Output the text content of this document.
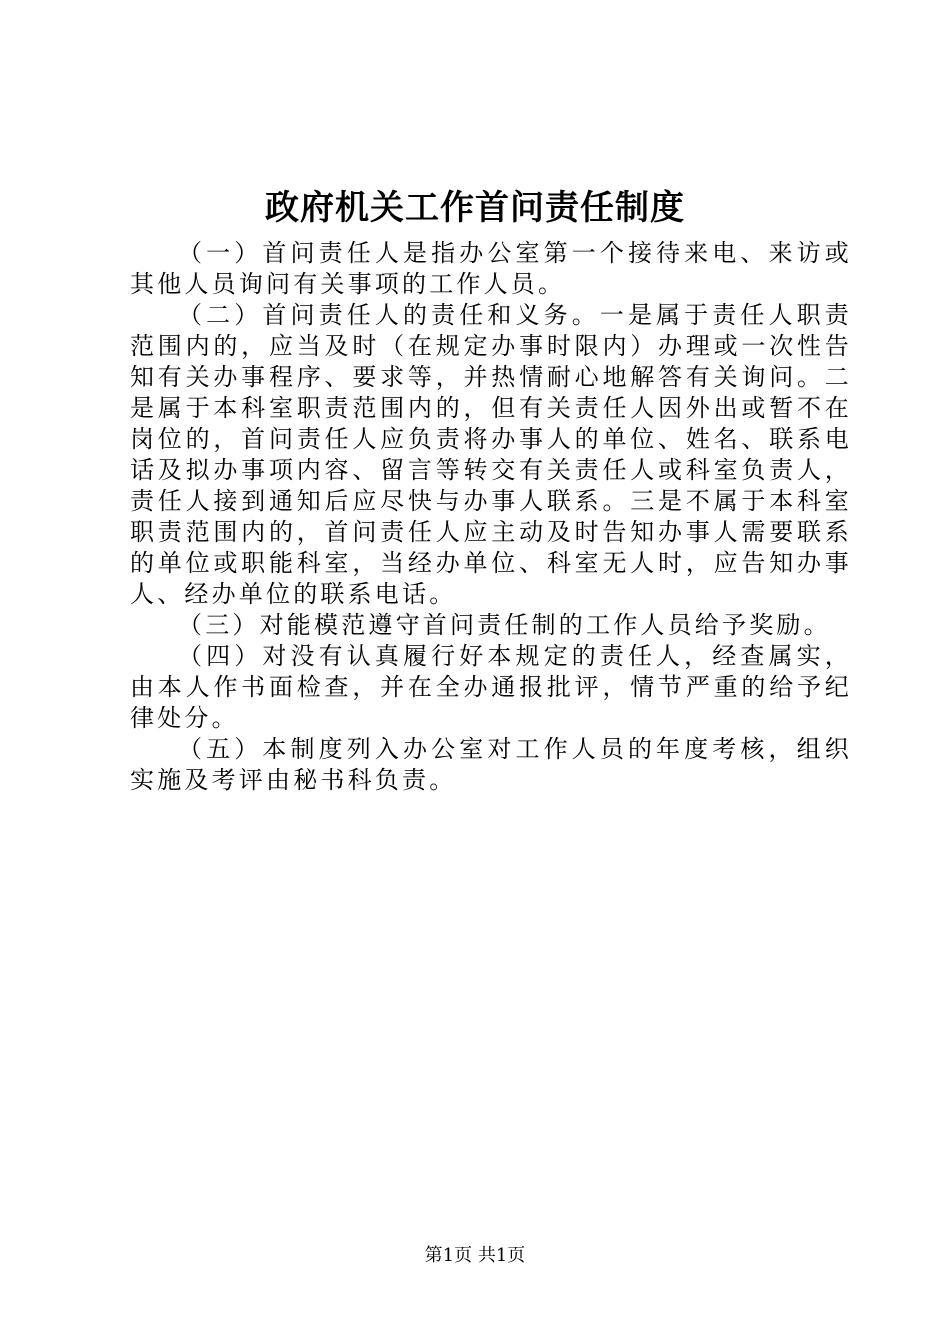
政府机关工作首问责任制度

（一）首问责任人是指办公室第一个接待来电、来访或其他人员询问有关事项的工作人员。

（二）首问责任人的责任和义务。一是属于责任人职责范围内的，应当及时（在规定办事时限内）办理或一次性告知有关办事程序、要求等，并热情耐心地解答有关询问。二是属于本科室职责范围内的，但有关责任人因外出或暂不在岗位的，首问责任人应负责将办事人的单位、姓名、联系电话及拟办事项内容、留言等转交有关责任人或科室负责人，责任人接到通知后应尽快与办事人联系。三是不属于本科室职责范围内的，首问责任人应主动及时告知办事人需要联系的单位或职能科室，当经办单位、科室无人时，应告知办事人、经办单位的联系电话。

（三）对能模范遵守首问责任制的工作人员给予奖励。

（四）对没有认真履行好本规定的责任人，经查属实，由本人作书面检查，并在全办通报批评，情节严重的给予纪律处分。

（五）本制度列入办公室对工作人员的年度考核，组织实施及考评由秘书科负责。

第1页 共1页
